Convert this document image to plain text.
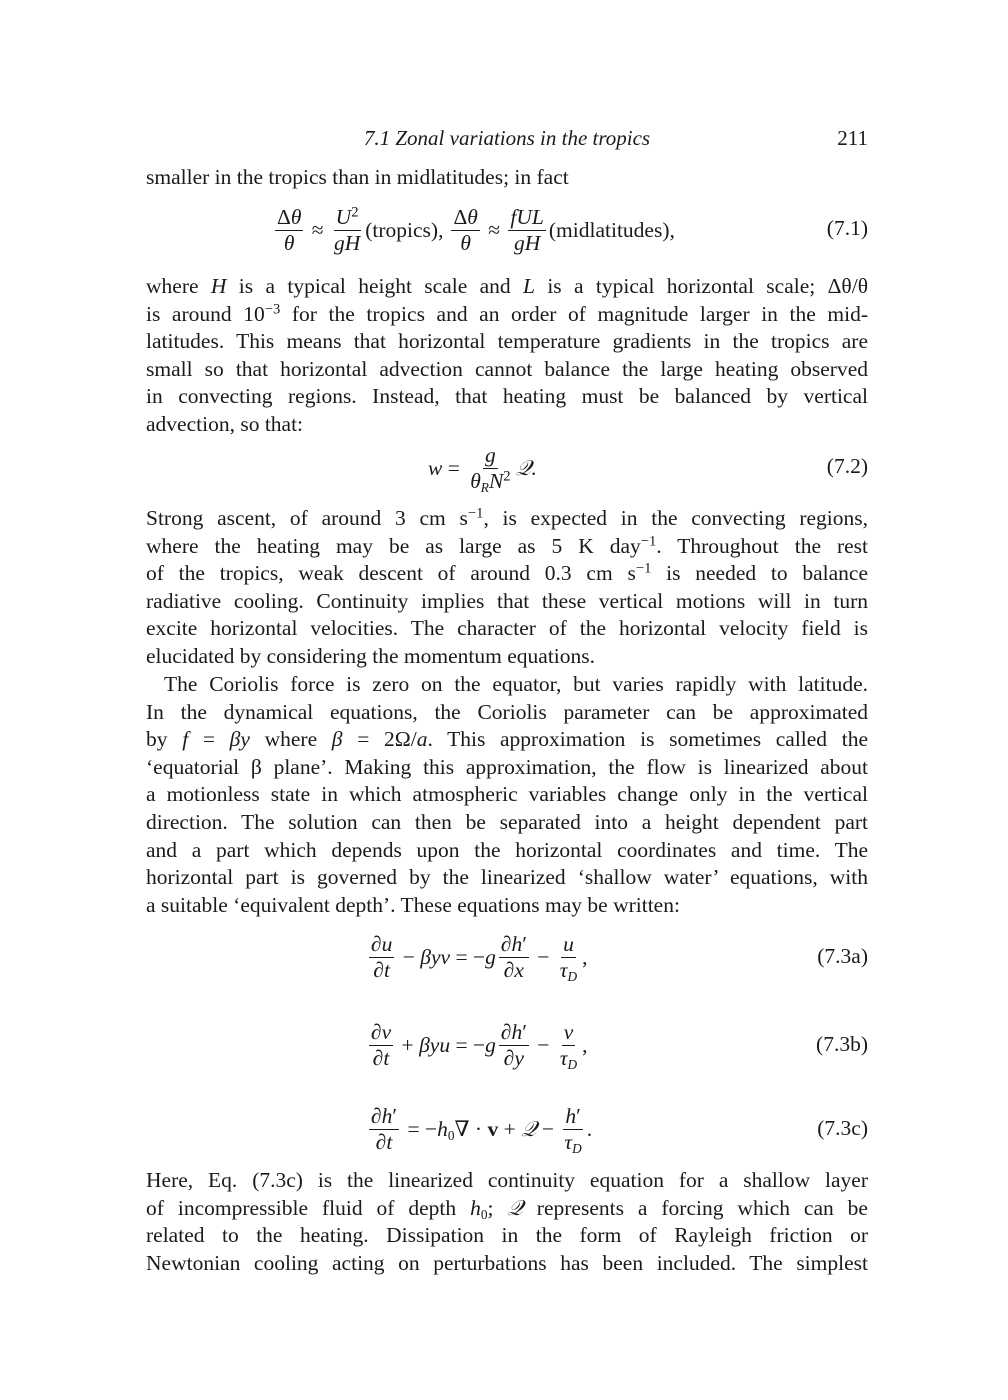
7.1 Zonal variations in the tropics	211

smaller in the tropics than in midlatitudes; in fact

$\frac{\Delta\theta}{\theta} \approx \frac{U^2}{gH}$ (tropics), $\frac{\Delta\theta}{\theta} \approx \frac{\text{fUL}}{gH}$ (midlatitudes),	(7.1)

where H is a typical height scale and L is a typical horizontal scale; Δθ/θ
is around $10^{-3}$ for the tropics and an order of magnitude larger in the mid-
latitudes. This means that horizontal temperature gradients in the tropics are
small so that horizontal advection cannot balance the large heating observed
in convecting regions. Instead, that heating must be balanced by vertical
advection, so that:

$w = \frac{g}{\theta_RN^2}$ 𝒬 .	(7.2)

Strong ascent, of around 3 cm $s^{-1}$, is expected in the convecting regions,
where the heating may be as large as 5 K day$^{-1}$. Throughout the rest
of the tropics, weak descent of around 0.3 cm $s^{-1}$ is needed to balance
radiative cooling. Continuity implies that these vertical motions will in turn
excite horizontal velocities. The character of the horizontal velocity field is
elucidated by considering the momentum equations.

The Coriolis force is zero on the equator, but varies rapidly with latitude.
In the dynamical equations, the Coriolis parameter can be approximated
by f = βy where β = 2Ω/a. This approximation is sometimes called the
‘equatorial β plane’. Making this approximation, the flow is linearized about
a motionless state in which atmospheric variables change only in the vertical
direction. The solution can then be separated into a height dependent part
and a part which depends upon the horizontal coordinates and time. The
horizontal part is governed by the linearized ‘shallow water’ equations, with
a suitable ‘equivalent depth’. These equations may be written:

$\frac{\partial u}{\partial t} - \beta yv = -g \frac{\partial h'}{\partial x} - \frac{u}{\tau_D}$ ,	(7.3a)
$\frac{\partial v}{\partial t} + \beta yu = -g \frac{\partial h'}{\partial y} - \frac{v}{\tau_D}$ ,	(7.3b)
$\frac{\partial h'}{\partial t} = -h_0\nabla \cdot v$ + 𝒬 − $\frac{h'}{\tau_D}$ .	(7.3c)

Here, Eq. (7.3c) is the linearized continuity equation for a shallow layer
of incompressible fluid of depth $h_0$; 𝒬 represents a forcing which can be
related to the heating. Dissipation in the form of Rayleigh friction or
Newtonian cooling acting on perturbations has been included. The simplest
